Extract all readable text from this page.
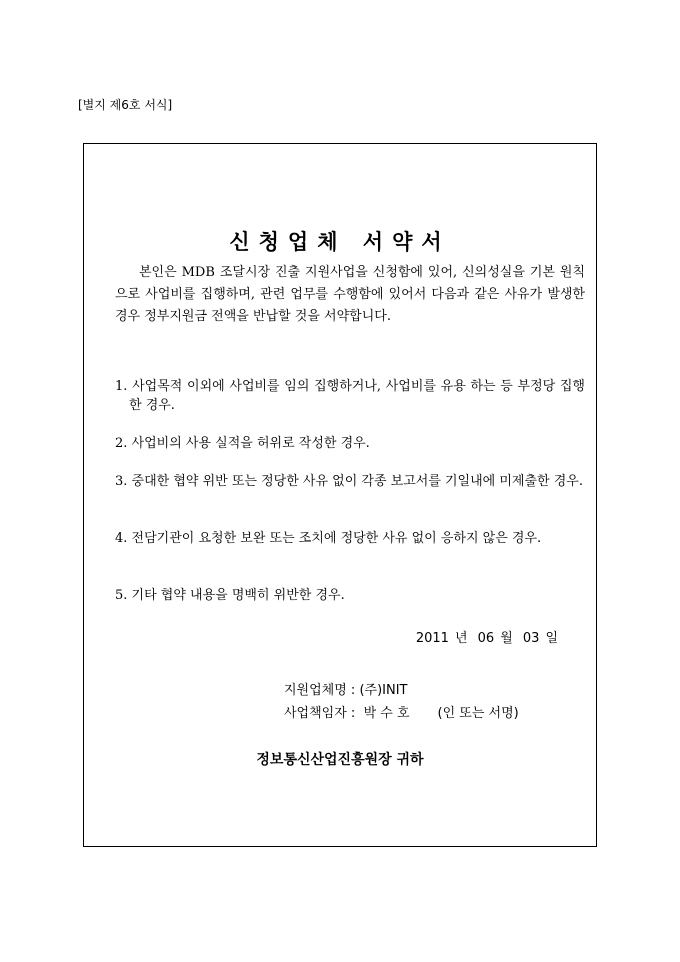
[별지 제6호 서식]
신청업체 서약서

본인은 MDB 조달시장 진출 지원사업을 신청함에 있어, 신의성실을 기본 원칙으로 사업비를 집행하며, 관련 업무를 수행함에 있어서 다음과 같은 사유가 발생한 경우 정부지원금 전액을 반납할 것을 서약합니다.

1. 사업목적 이외에 사업비를 임의 집행하거나, 사업비를 유용 하는 등 부정당 집행한 경우.

2. 사업비의 사용 실적을 허위로 작성한 경우.

3. 중대한 협약 위반 또는 정당한 사유 없이 각종 보고서를 기일내에 미제출한 경우.

4. 전담기관이 요청한 보완 또는 조치에 정당한 사유 없이 응하지 않은 경우.

5. 기타 협약 내용을 명백히 위반한 경우.

2011 년 06 월 03 일
지원업체명 : (주)INIT
사업책임자 : 박 수 호 (인 또는 서명)
정보통신산업진흥원장 귀하
